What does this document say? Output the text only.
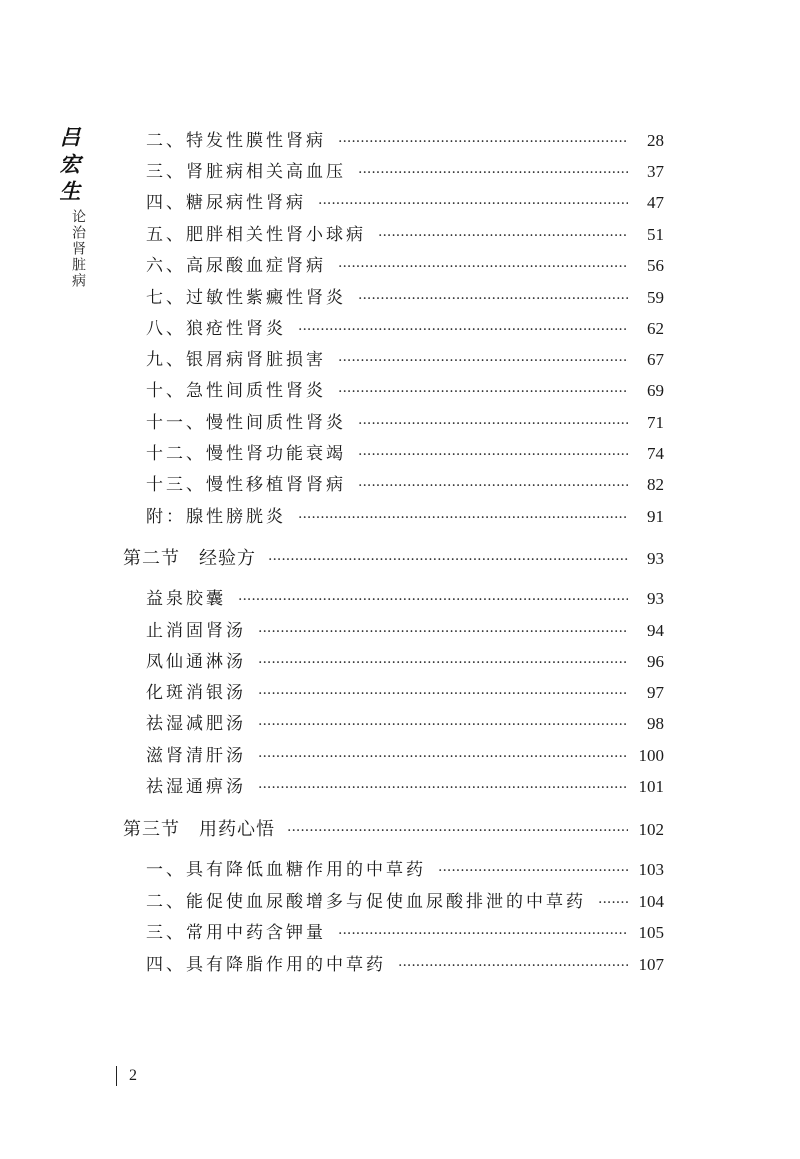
吕宏生
论治肾脏病
二、特发性膜性肾病 ·····	28
三、肾脏病相关高血压 ·····	37
四、糖尿病性肾病 ·····	47
五、肥胖相关性肾小球病 ·····	51
六、高尿酸血症肾病 ·····	56
七、过敏性紫癜性肾炎 ·····	59
八、狼疮性肾炎 ·····	62
九、银屑病肾脏损害 ·····	67
十、急性间质性肾炎 ·····	69
十一、慢性间质性肾炎 ·····	71
十二、慢性肾功能衰竭 ·····	74
十三、慢性移植肾肾病 ·····	82
附：腺性膀胱炎 ·····	91
第二节　经验方 ·····	93
益泉胶囊 ·····	93
止消固肾汤 ·····	94
凤仙通淋汤 ·····	96
化斑消银汤 ·····	97
祛湿减肥汤 ·····	98
滋肾清肝汤 ·····	100
祛湿通痹汤 ·····	101
第三节　用药心悟 ·····	102
一、具有降低血糖作用的中草药 ·····	103
二、能促使血尿酸增多与促使血尿酸排泄的中草药 ·····	104
三、常用中药含钾量 ·····	105
四、具有降脂作用的中草药 ·····	107
2
